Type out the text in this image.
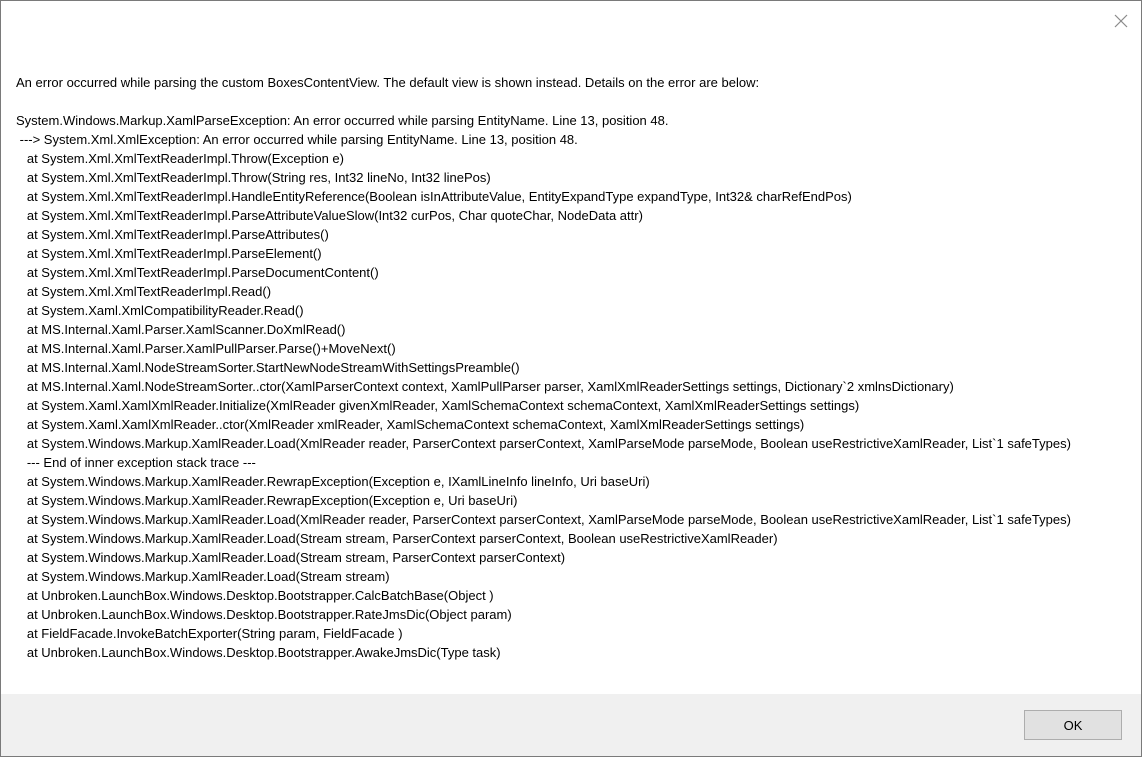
An error occurred while parsing the custom BoxesContentView. The default view is shown instead. Details on the error are below:

System.Windows.Markup.XamlParseException: An error occurred while parsing EntityName. Line 13, position 48.
---> System.Xml.XmlException: An error occurred while parsing EntityName. Line 13, position 48.
at System.Xml.XmlTextReaderImpl.Throw(Exception e)
at System.Xml.XmlTextReaderImpl.Throw(String res, Int32 lineNo, Int32 linePos)
at System.Xml.XmlTextReaderImpl.HandleEntityReference(Boolean isInAttributeValue, EntityExpandType expandType, Int32& charRefEndPos)
at System.Xml.XmlTextReaderImpl.ParseAttributeValueSlow(Int32 curPos, Char quoteChar, NodeData attr)
at System.Xml.XmlTextReaderImpl.ParseAttributes()
at System.Xml.XmlTextReaderImpl.ParseElement()
at System.Xml.XmlTextReaderImpl.ParseDocumentContent()
at System.Xml.XmlTextReaderImpl.Read()
at System.Xaml.XmlCompatibilityReader.Read()
at MS.Internal.Xaml.Parser.XamlScanner.DoXmlRead()
at MS.Internal.Xaml.Parser.XamlPullParser.Parse()+MoveNext()
at MS.Internal.Xaml.NodeStreamSorter.StartNewNodeStreamWithSettingsPreamble()
at MS.Internal.Xaml.NodeStreamSorter..ctor(XamlParserContext context, XamlPullParser parser, XamlXmlReaderSettings settings, Dictionary`2 xmlnsDictionary)
at System.Xaml.XamlXmlReader.Initialize(XmlReader givenXmlReader, XamlSchemaContext schemaContext, XamlXmlReaderSettings settings)
at System.Xaml.XamlXmlReader..ctor(XmlReader xmlReader, XamlSchemaContext schemaContext, XamlXmlReaderSettings settings)
at System.Windows.Markup.XamlReader.Load(XmlReader reader, ParserContext parserContext, XamlParseMode parseMode, Boolean useRestrictiveXamlReader, List`1 safeTypes)
--- End of inner exception stack trace ---
at System.Windows.Markup.XamlReader.RewrapException(Exception e, IXamlLineInfo lineInfo, Uri baseUri)
at System.Windows.Markup.XamlReader.RewrapException(Exception e, Uri baseUri)
at System.Windows.Markup.XamlReader.Load(XmlReader reader, ParserContext parserContext, XamlParseMode parseMode, Boolean useRestrictiveXamlReader, List`1 safeTypes)
at System.Windows.Markup.XamlReader.Load(Stream stream, ParserContext parserContext, Boolean useRestrictiveXamlReader)
at System.Windows.Markup.XamlReader.Load(Stream stream, ParserContext parserContext)
at System.Windows.Markup.XamlReader.Load(Stream stream)
at Unbroken.LaunchBox.Windows.Desktop.Bootstrapper.CalcBatchBase(Object )
at Unbroken.LaunchBox.Windows.Desktop.Bootstrapper.RateJmsDic(Object param)
at FieldFacade.InvokeBatchExporter(String param, FieldFacade )
at Unbroken.LaunchBox.Windows.Desktop.Bootstrapper.AwakeJmsDic(Type task)
OK
